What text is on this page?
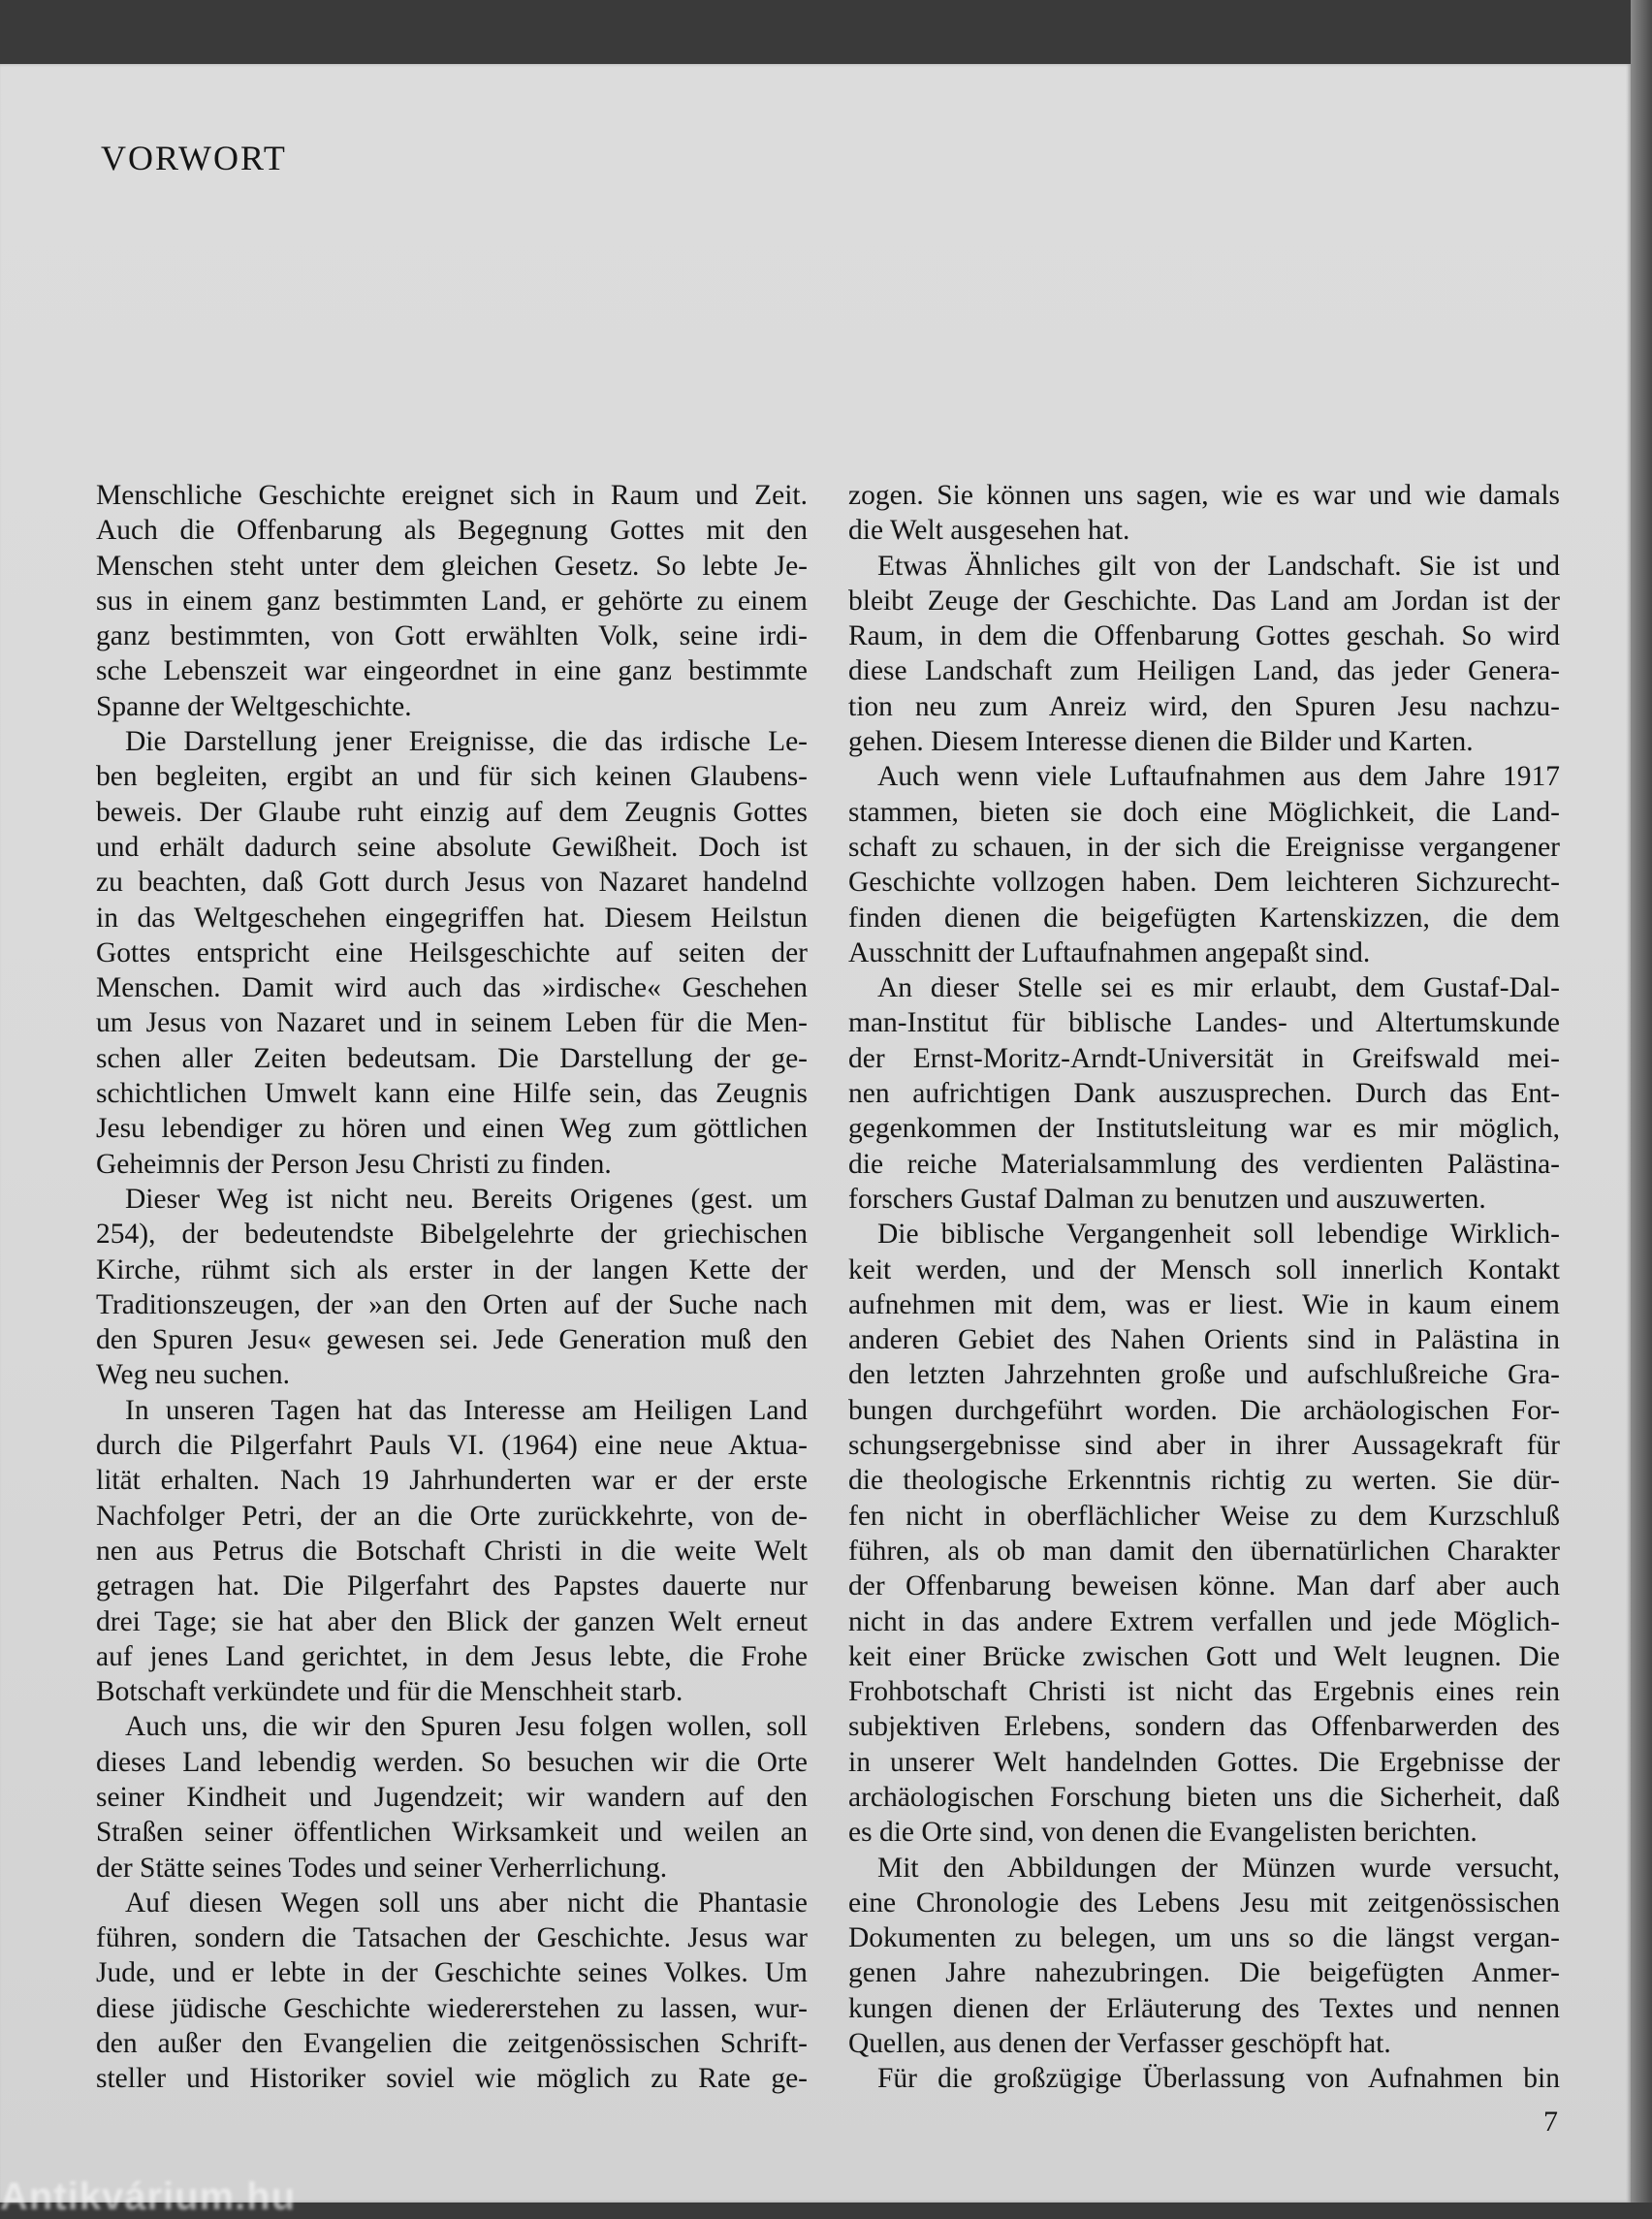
VORWORT
Menschliche Geschichte ereignet sich in Raum und Zeit.
Auch die Offenbarung als Begegnung Gottes mit den
Menschen steht unter dem gleichen Gesetz. So lebte Je-
sus in einem ganz bestimmten Land, er gehörte zu einem
ganz bestimmten, von Gott erwählten Volk, seine irdi-
sche Lebenszeit war eingeordnet in eine ganz bestimmte
Spanne der Weltgeschichte.
Die Darstellung jener Ereignisse, die das irdische Le-
ben begleiten, ergibt an und für sich keinen Glaubens-
beweis. Der Glaube ruht einzig auf dem Zeugnis Gottes
und erhält dadurch seine absolute Gewißheit. Doch ist
zu beachten, daß Gott durch Jesus von Nazaret handelnd
in das Weltgeschehen eingegriffen hat. Diesem Heilstun
Gottes entspricht eine Heilsgeschichte auf seiten der
Menschen. Damit wird auch das »irdische« Geschehen
um Jesus von Nazaret und in seinem Leben für die Men-
schen aller Zeiten bedeutsam. Die Darstellung der ge-
schichtlichen Umwelt kann eine Hilfe sein, das Zeugnis
Jesu lebendiger zu hören und einen Weg zum göttlichen
Geheimnis der Person Jesu Christi zu finden.
Dieser Weg ist nicht neu. Bereits Origenes (gest. um
254), der bedeutendste Bibelgelehrte der griechischen
Kirche, rühmt sich als erster in der langen Kette der
Traditionszeugen, der »an den Orten auf der Suche nach
den Spuren Jesu« gewesen sei. Jede Generation muß den
Weg neu suchen.
In unseren Tagen hat das Interesse am Heiligen Land
durch die Pilgerfahrt Pauls VI. (1964) eine neue Aktua-
lität erhalten. Nach 19 Jahrhunderten war er der erste
Nachfolger Petri, der an die Orte zurückkehrte, von de-
nen aus Petrus die Botschaft Christi in die weite Welt
getragen hat. Die Pilgerfahrt des Papstes dauerte nur
drei Tage; sie hat aber den Blick der ganzen Welt erneut
auf jenes Land gerichtet, in dem Jesus lebte, die Frohe
Botschaft verkündete und für die Menschheit starb.
Auch uns, die wir den Spuren Jesu folgen wollen, soll
dieses Land lebendig werden. So besuchen wir die Orte
seiner Kindheit und Jugendzeit; wir wandern auf den
Straßen seiner öffentlichen Wirksamkeit und weilen an
der Stätte seines Todes und seiner Verherrlichung.
Auf diesen Wegen soll uns aber nicht die Phantasie
führen, sondern die Tatsachen der Geschichte. Jesus war
Jude, und er lebte in der Geschichte seines Volkes. Um
diese jüdische Geschichte wiedererstehen zu lassen, wur-
den außer den Evangelien die zeitgenössischen Schrift-
steller und Historiker soviel wie möglich zu Rate ge-
zogen. Sie können uns sagen, wie es war und wie damals
die Welt ausgesehen hat.
Etwas Ähnliches gilt von der Landschaft. Sie ist und
bleibt Zeuge der Geschichte. Das Land am Jordan ist der
Raum, in dem die Offenbarung Gottes geschah. So wird
diese Landschaft zum Heiligen Land, das jeder Genera-
tion neu zum Anreiz wird, den Spuren Jesu nachzu-
gehen. Diesem Interesse dienen die Bilder und Karten.
Auch wenn viele Luftaufnahmen aus dem Jahre 1917
stammen, bieten sie doch eine Möglichkeit, die Land-
schaft zu schauen, in der sich die Ereignisse vergangener
Geschichte vollzogen haben. Dem leichteren Sichzurecht-
finden dienen die beigefügten Kartenskizzen, die dem
Ausschnitt der Luftaufnahmen angepaßt sind.
An dieser Stelle sei es mir erlaubt, dem Gustaf-Dal-
man-Institut für biblische Landes- und Altertumskunde
der Ernst-Moritz-Arndt-Universität in Greifswald mei-
nen aufrichtigen Dank auszusprechen. Durch das Ent-
gegenkommen der Institutsleitung war es mir möglich,
die reiche Materialsammlung des verdienten Palästina-
forschers Gustaf Dalman zu benutzen und auszuwerten.
Die biblische Vergangenheit soll lebendige Wirklich-
keit werden, und der Mensch soll innerlich Kontakt
aufnehmen mit dem, was er liest. Wie in kaum einem
anderen Gebiet des Nahen Orients sind in Palästina in
den letzten Jahrzehnten große und aufschlußreiche Gra-
bungen durchgeführt worden. Die archäologischen For-
schungsergebnisse sind aber in ihrer Aussagekraft für
die theologische Erkenntnis richtig zu werten. Sie dür-
fen nicht in oberflächlicher Weise zu dem Kurzschluß
führen, als ob man damit den übernatürlichen Charakter
der Offenbarung beweisen könne. Man darf aber auch
nicht in das andere Extrem verfallen und jede Möglich-
keit einer Brücke zwischen Gott und Welt leugnen. Die
Frohbotschaft Christi ist nicht das Ergebnis eines rein
subjektiven Erlebens, sondern das Offenbarwerden des
in unserer Welt handelnden Gottes. Die Ergebnisse der
archäologischen Forschung bieten uns die Sicherheit, daß
es die Orte sind, von denen die Evangelisten berichten.
Mit den Abbildungen der Münzen wurde versucht,
eine Chronologie des Lebens Jesu mit zeitgenössischen
Dokumenten zu belegen, um uns so die längst vergan-
genen Jahre nahezubringen. Die beigefügten Anmer-
kungen dienen der Erläuterung des Textes und nennen
Quellen, aus denen der Verfasser geschöpft hat.
Für die großzügige Überlassung von Aufnahmen bin
7
Antikvárium.hu
